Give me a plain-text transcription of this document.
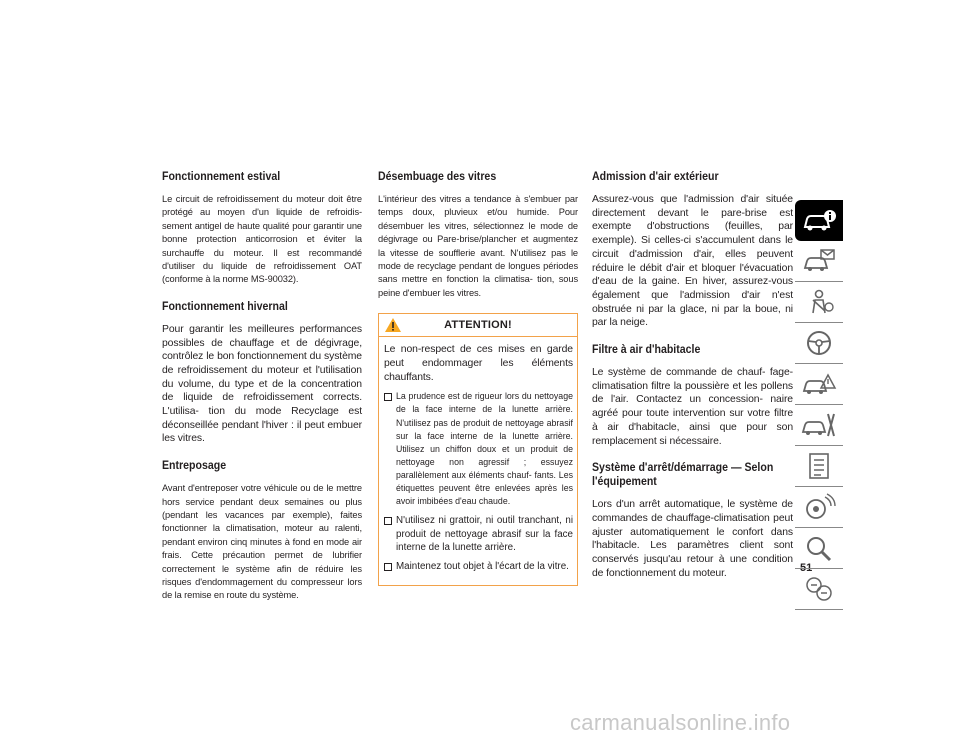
Fonctionnement estival

Le circuit de refroidissement du moteur doit être protégé au moyen d'un liquide de refroidis- sement antigel de haute qualité pour garantir une bonne protection anticorrosion et éviter la surchauffe du moteur. Il est recommandé d'utiliser du liquide de refroidissement OAT (conforme à la norme MS-90032).

Fonctionnement hivernal

Pour garantir les meilleures performances possibles de chauffage et de dégivrage, contrôlez le bon fonctionnement du système de refroidissement du moteur et l'utilisation du volume, du type et de la concentration de liquide de refroidissement corrects. L'utilisa- tion du mode Recyclage est déconseillée pendant l'hiver : il peut embuer les vitres.

Entreposage

Avant d'entreposer votre véhicule ou de le mettre hors service pendant deux semaines ou plus (pendant les vacances par exemple), faites fonctionner la climatisation, moteur au ralenti, pendant environ cinq minutes à fond en mode air frais. Cette précaution permet de lubrifier correctement le système afin de réduire les risques d'endommagement du compresseur lors de la remise en route du système.

Désembuage des vitres

L'intérieur des vitres a tendance à s'embuer par temps doux, pluvieux et/ou humide. Pour désembuer les vitres, sélectionnez le mode de dégivrage ou Pare-brise/plancher et augmentez la vitesse de soufflerie avant. N'utilisez pas le mode de recyclage pendant de longues périodes sans mettre en fonction la climatisa- tion, sous peine d'embuer les vitres.

ATTENTION!

Le non-respect de ces mises en garde peut endommager les éléments chauffants.

La prudence est de rigueur lors du nettoyage de la face interne de la lunette arrière. N'utilisez pas de produit de nettoyage abrasif sur la face interne de la lunette arrière. Utilisez un chiffon doux et un produit de nettoyage non agressif ; essuyez parallèlement aux éléments chauf- fants. Les étiquettes peuvent être enlevées après les avoir imbibées d'eau chaude.
N'utilisez ni grattoir, ni outil tranchant, ni produit de nettoyage abrasif sur la face interne de la lunette arrière.
Maintenez tout objet à l'écart de la vitre.
Admission d'air extérieur

Assurez-vous que l'admission d'air située directement devant le pare-brise est exempte d'obstructions (feuilles, par exemple). Si celles-ci s'accumulent dans le circuit d'admission d'air, elles peuvent réduire le débit d'air et bloquer l'évacuation d'eau de la gaine. En hiver, assurez-vous également que l'admission d'air n'est obstruée ni par la glace, ni par la boue, ni par la neige.

Filtre à air d'habitacle

Le système de commande de chauf- fage-climatisation filtre la poussière et les pollens de l'air. Contactez un concession- naire agréé pour toute intervention sur votre filtre à air d'habitacle, ainsi que pour son remplacement si nécessaire.

Système d'arrêt/démarrage — Selon l'équipement

Lors d'un arrêt automatique, le système de commandes de chauffage-climatisation peut ajuster automatiquement le confort dans l'habitacle. Les paramètres client sont conservés jusqu'au retour à une condition de fonctionnement du moteur.	51
carmanualsonline.info
